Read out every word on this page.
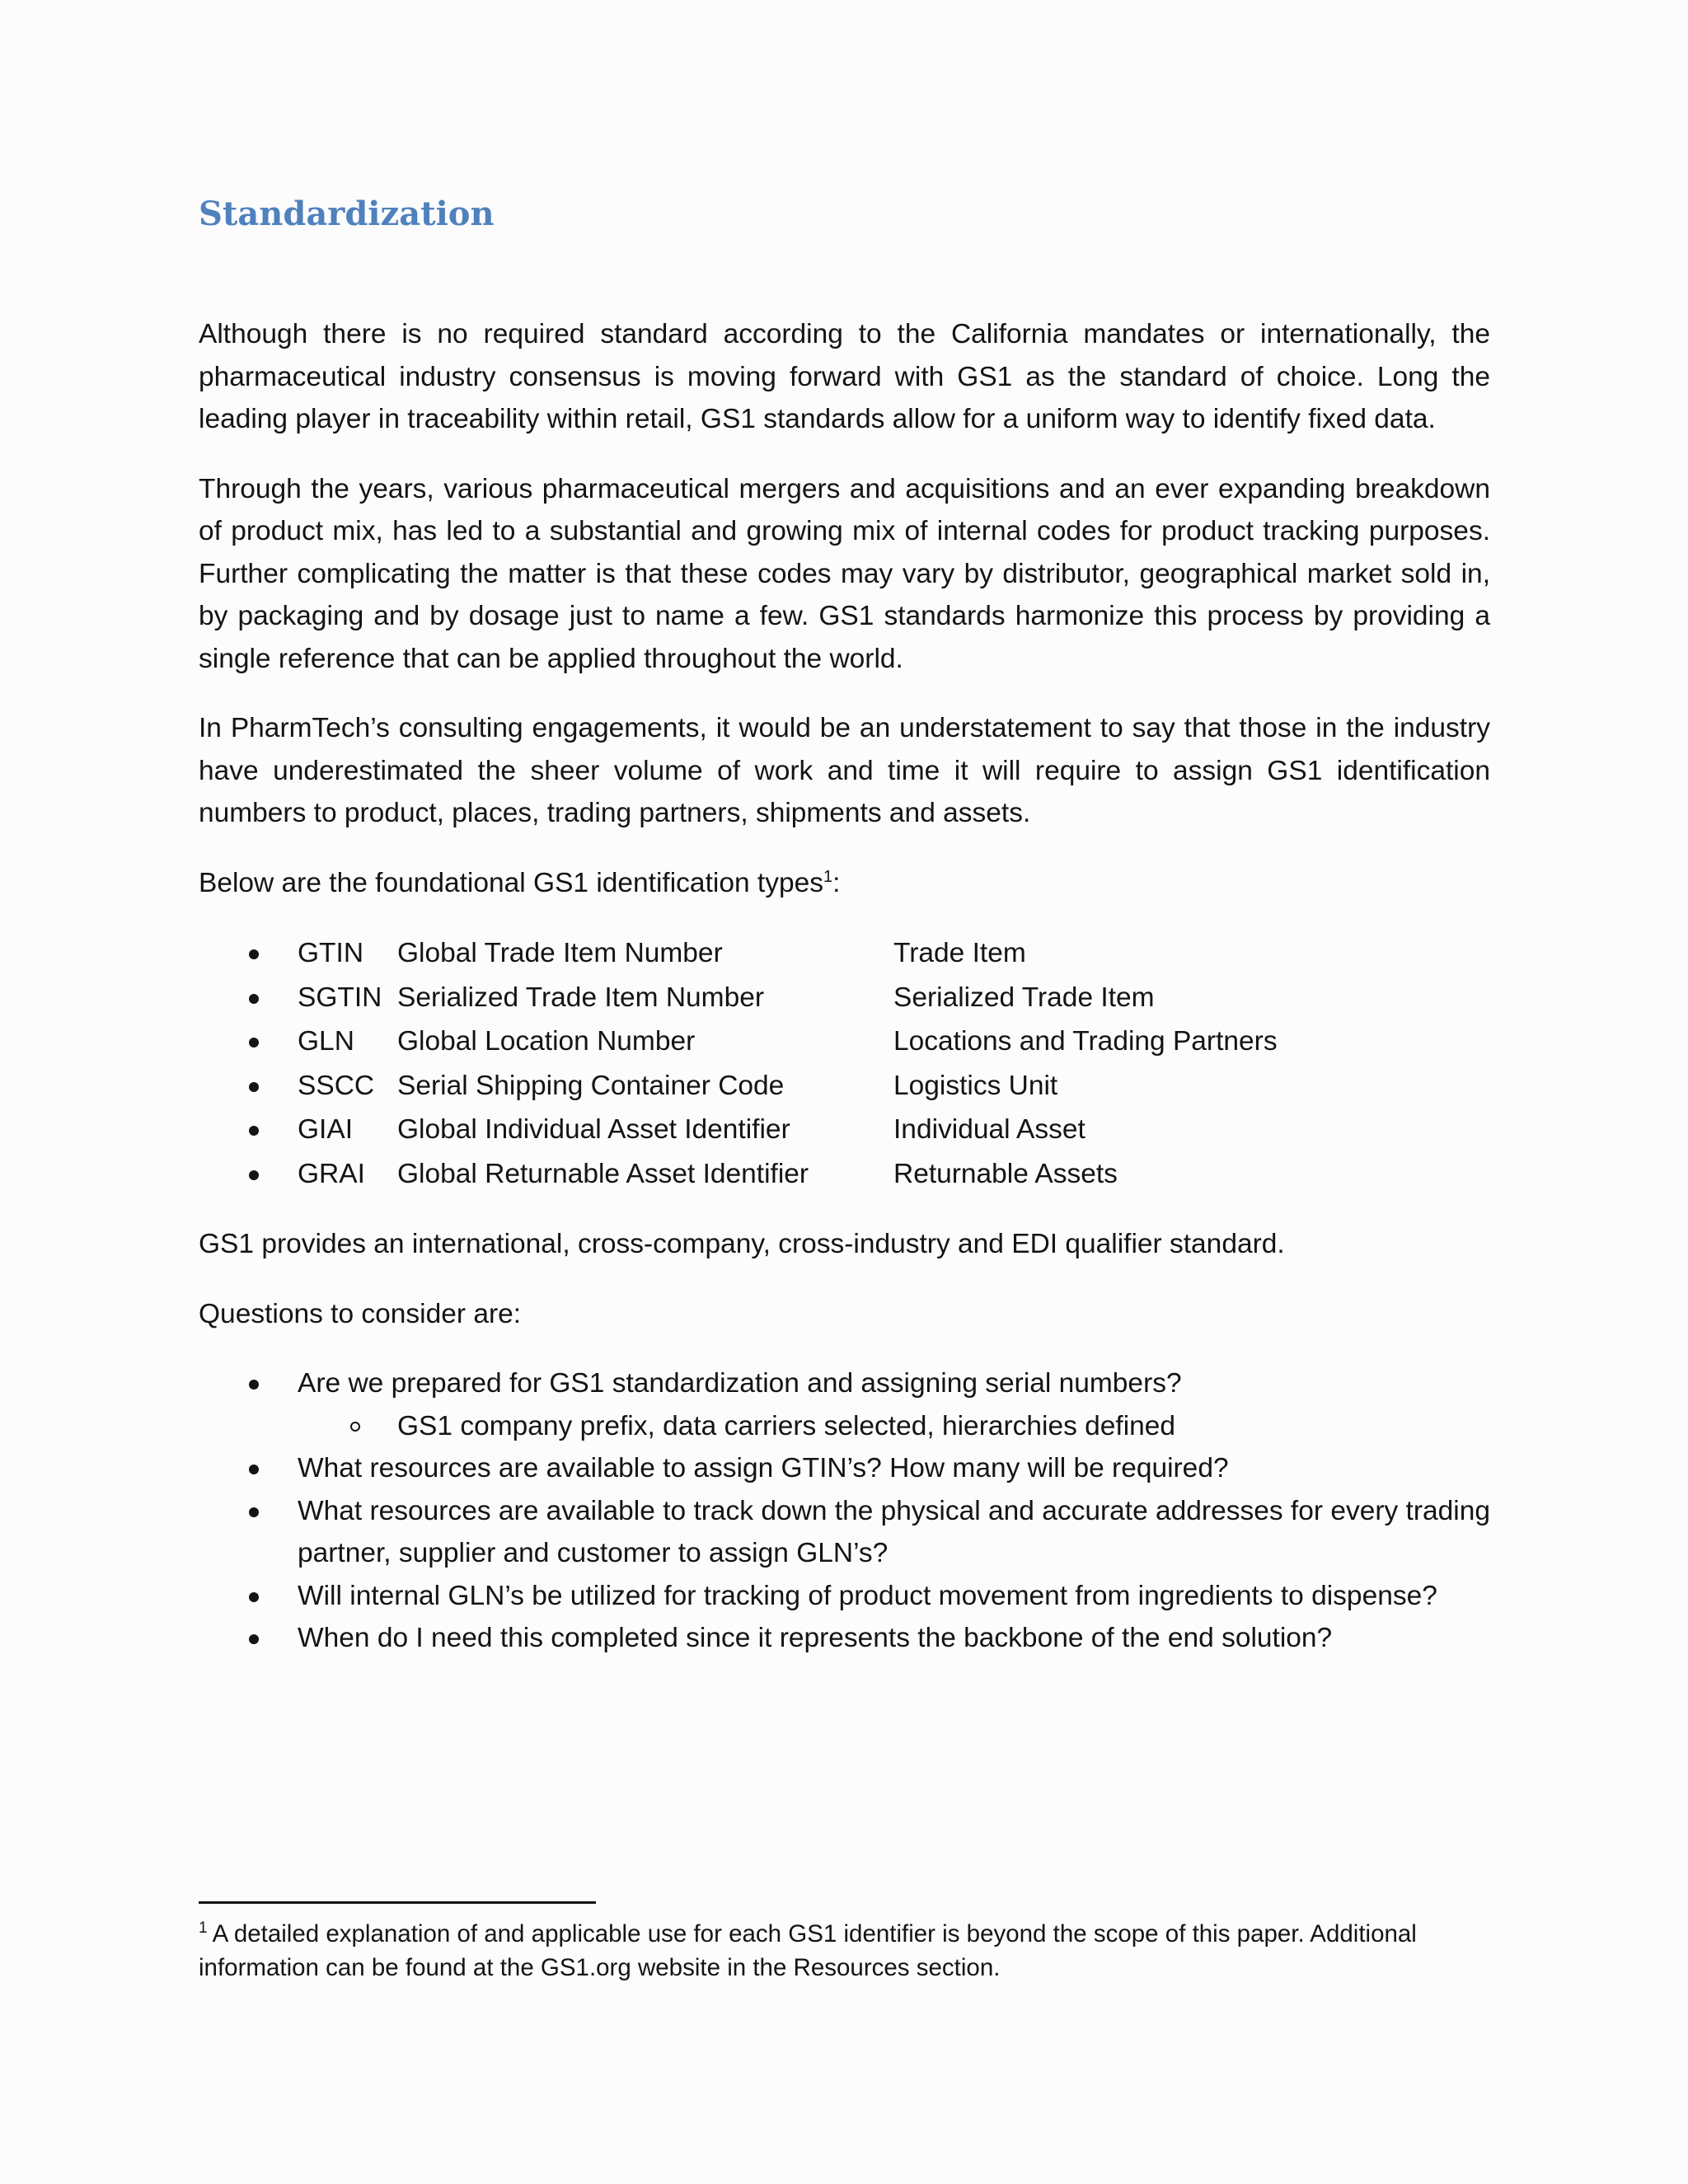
Standardization

Although there is no required standard according to the California mandates or internationally, the pharmaceutical industry consensus is moving forward with GS1 as the standard of choice. Long the leading player in traceability within retail, GS1 standards allow for a uniform way to identify fixed data.

Through the years, various pharmaceutical mergers and acquisitions and an ever expanding breakdown of product mix, has led to a substantial and growing mix of internal codes for product tracking purposes. Further complicating the matter is that these codes may vary by distributor, geographical market sold in, by packaging and by dosage just to name a few. GS1 standards harmonize this process by providing a single reference that can be applied throughout the world.

In PharmTech’s consulting engagements, it would be an understatement to say that those in the industry have underestimated the sheer volume of work and time it will require to assign GS1 identification numbers to product, places, trading partners, shipments and assets.

Below are the foundational GS1 identification types$^1$:

GTIN	Global Trade Item Number	Trade Item
SGTIN Serialized Trade Item Number	Serialized Trade Item
GLN	Global Location Number	Locations and Trading Partners
SSCC Serial Shipping Container Code	Logistics Unit
GIAI	Global Individual Asset Identifier	Individual Asset
GRAI	Global Returnable Asset Identifier	Returnable Assets

GS1 provides an international, cross-company, cross-industry and EDI qualifier standard.

Questions to consider are:

Are we prepared for GS1 standardization and assigning serial numbers?
GS1 company prefix, data carriers selected, hierarchies defined
What resources are available to assign GTIN’s? How many will be required?
What resources are available to track down the physical and accurate addresses for every trading partner, supplier and customer to assign GLN’s?
Will internal GLN’s be utilized for tracking of product movement from ingredients to dispense?
When do I need this completed since it represents the backbone of the end solution?
$^1$ A detailed explanation of and applicable use for each GS1 identifier is beyond the scope of this paper. Additional information can be found at the GS1.org website in the Resources section.
